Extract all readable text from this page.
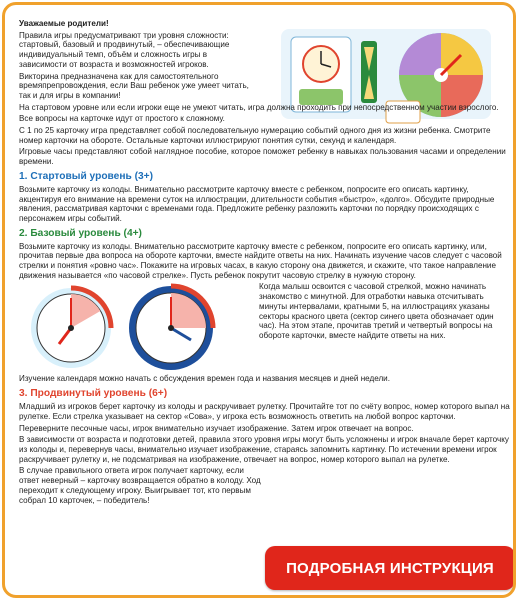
Уважаемые родители!

Правила игры предусматривают три уровня сложности: стартовый, базовый и продвинутый, – обеспечивающие индивидуальный темп, объём и сложность игры в зависимости от возраста и возможностей игроков.

Викторина предназначена как для самостоятельного времяпрепровождения, если Ваш ребенок уже умеет читать, так и для игры в компании!

На стартовом уровне или если игроки еще не умеют читать, игра должна проходить при непосредственном участии взрослого.

Все вопросы на карточке идут от простого к сложному.

С 1 по 25 карточку игра представляет собой последовательную нумерацию событий одного дня из жизни ребенка. Смотрите номер карточки на обороте. Остальные карточки иллюстрируют понятия сутки, секунд и календаря.

Игровые часы представляют собой наглядное пособие, которое поможет ребенку в навыках пользования часами и определении времени.

1. Стартовый уровень (3+)

Возьмите карточку из колоды. Внимательно рассмотрите карточку вместе с ребенком, попросите его описать картинку, акцентируя его внимание на времени суток на иллюстрации, длительности события «быстро», «долго». Обсудите природные явления, рассматривая карточки с временами года. Предложите ребенку разложить карточки по порядку происходящих с персонажем игры событий.

2. Базовый уровень (4+)

Возьмите карточку из колоды. Внимательно рассмотрите карточку вместе с ребенком, попросите его описать картинку, или, прочитав первые два вопроса на обороте карточки, вместе найдите ответы на них. Начинать изучение часов следует с часовой стрелки и понятия «ровно час». Покажите на игровых часах, в какую сторону она движется, и скажите, что такое направление движения называется «по часовой стрелке». Пусть ребенок покрутит часовую стрелку в нужную сторону.

Когда малыш освоится с часовой стрелкой, можно начинать знакомство с минутной. Для отработки навыка отсчитывать минуты интервалами, кратными 5, на иллюстрациях указаны секторы красного цвета (сектор синего цвета обозначает один час). На этом этапе, прочитав третий и четвертый вопросы на обороте карточки, вместе найдите ответы на них.

Изучение календаря можно начать с обсуждения времен года и названия месяцев и дней недели.

3. Продвинутый уровень (6+)

Младший из игроков берет карточку из колоды и раскручивает рулетку. Прочитайте тот по счёту вопрос, номер которого выпал на рулетке. Если стрелка указывает на сектор «Сова», у игрока есть возможность ответить на любой вопрос карточки.

Переверните песочные часы, игрок внимательно изучает изображение. Затем игрок отвечает на вопрос.

В зависимости от возраста и подготовки детей, правила этого уровня игры могут быть усложнены и игрок вначале берет карточку из колоды и, перевернув часы, внимательно изучает изображение, стараясь запомнить картинку. По истечении времени игрок раскручивает рулетку и, не подсматривая на изображение, отвечает на вопрос, номер которого выпал на рулетке.

В случае правильного ответа игрок получает карточку, если ответ неверный – карточку возвращается обратно в колоду. Ход переходит к следующему игроку. Выигрывает тот, кто первым собрал 10 карточек, – победитель!

ПОДРОБНАЯ ИНСТРУКЦИЯ
